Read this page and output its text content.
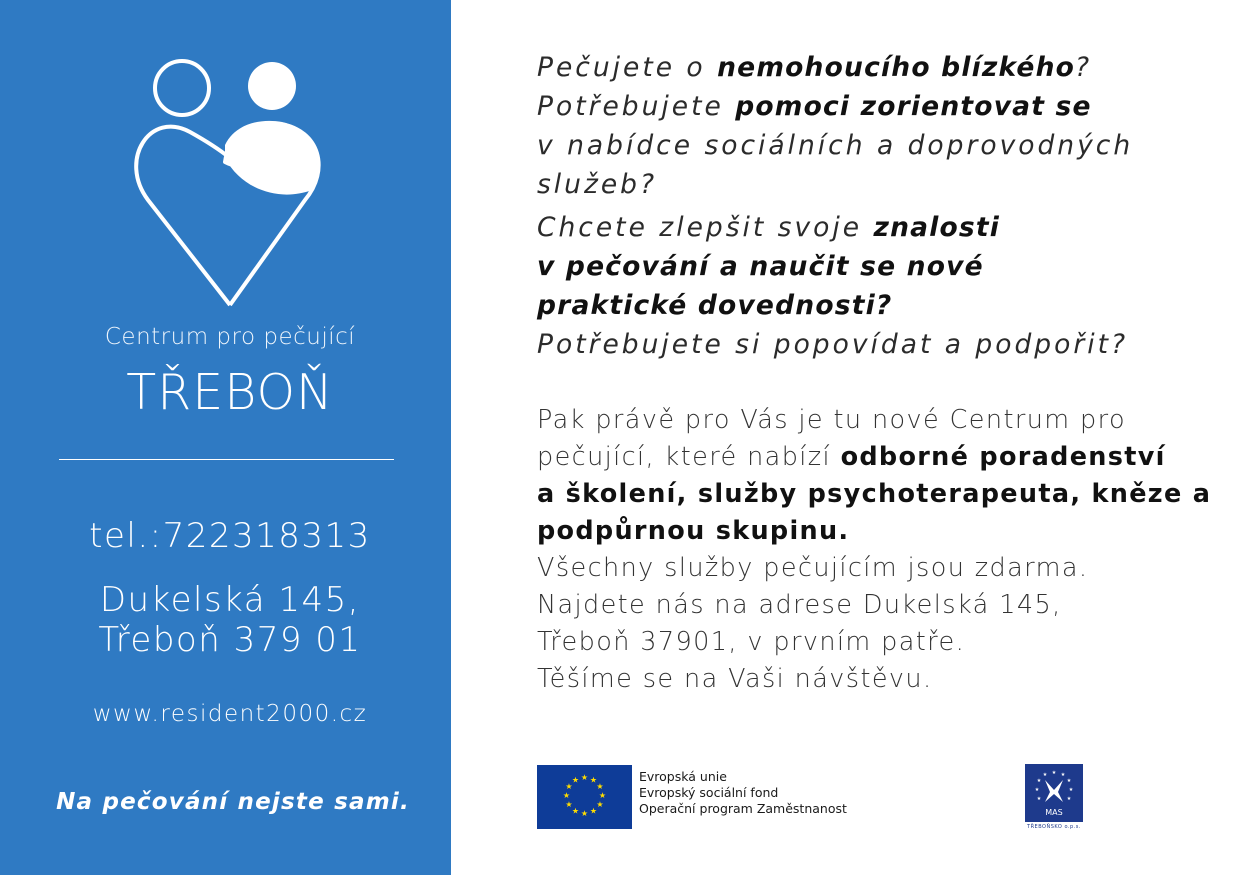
Centrum pro pečující
TŘEBOŇ
tel.:722318313
Dukelská 145,
Třeboň 379 01
www.resident2000.cz
Na pečování nejste sami.

Pečujete o nemohoucího blízkého?
Potřebujete pomoci zorientovat se
v nabídce sociálních a doprovodných
služeb?
Chcete zlepšit svoje znalosti
v pečování a naučit se nové
praktické dovednosti?
Potřebujete si popovídat a podpořit?

Pak právě pro Vás je tu nové Centrum pro
pečující, které nabízí odborné poradenství
a školení, služby psychoterapeuta, kněze a
podpůrnou skupinu.
Všechny služby pečujícím jsou zdarma.
Najdete nás na adrese Dukelská 145,
Třeboň 37901, v prvním patře.
Těšíme se na Vaši návštěvu.

★ ★
★
★
★
★
★
★
★
★
★
★	Evropská unie
Evropský sociální fond
Operační program Zaměstnanost
★ ★
★
★
★
★
★
★
★
MAS
TŘEBOŇSKO o.p.s.
